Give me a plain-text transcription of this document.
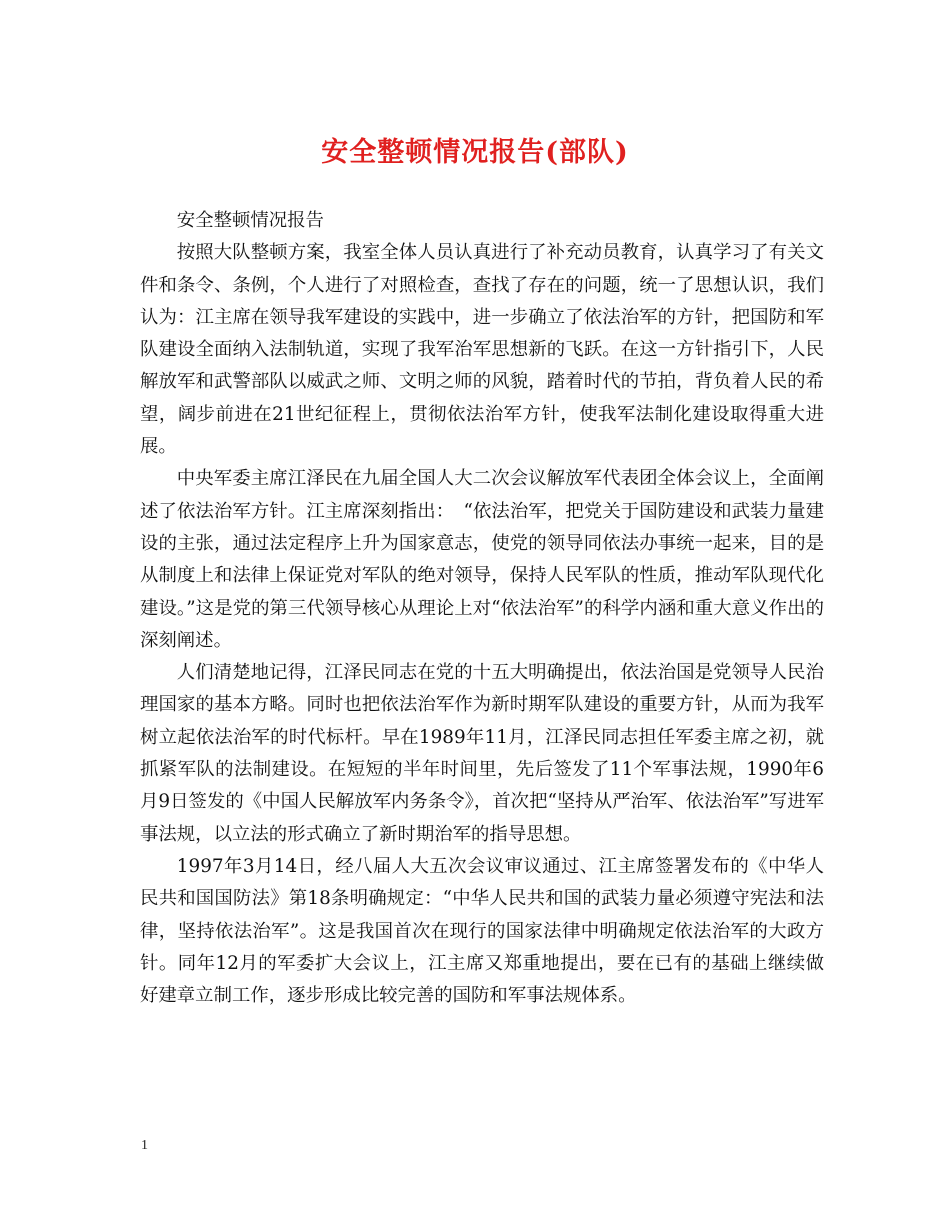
安全整顿情况报告(部队)

安全整顿情况报告

按照大队整顿方案，我室全体人员认真进行了补充动员教育，认真学习了有关文件和条令、条例，个人进行了对照检查，查找了存在的问题，统一了思想认识，我们认为：江主席在领导我军建设的实践中，进一步确立了依法治军的方针，把国防和军队建设全面纳入法制轨道，实现了我军治军思想新的飞跃。在这一方针指引下，人民解放军和武警部队以威武之师、文明之师的风貌，踏着时代的节拍，背负着人民的希望，阔步前进在21世纪征程上，贯彻依法治军方针，使我军法制化建设取得重大进展。

中央军委主席江泽民在九届全国人大二次会议解放军代表团全体会议上，全面阐述了依法治军方针。江主席深刻指出：　“依法治军，把党关于国防建设和武装力量建设的主张，通过法定程序上升为国家意志，使党的领导同依法办事统一起来，目的是从制度上和法律上保证党对军队的绝对领导，保持人民军队的性质，推动军队现代化建设。”这是党的第三代领导核心从理论上对“依法治军”的科学内涵和重大意义作出的深刻阐述。

人们清楚地记得，江泽民同志在党的十五大明确提出，依法治国是党领导人民治理国家的基本方略。同时也把依法治军作为新时期军队建设的重要方针，从而为我军树立起依法治军的时代标杆。早在1989年11月，江泽民同志担任军委主席之初，就抓紧军队的法制建设。在短短的半年时间里，先后签发了11个军事法规，1990年6月9日签发的《中国人民解放军内务条令》，首次把“坚持从严治军、依法治军”写进军事法规，以立法的形式确立了新时期治军的指导思想。

1997年3月14日，经八届人大五次会议审议通过、江主席签署发布的《中华人民共和国国防法》第18条明确规定：“中华人民共和国的武装力量必须遵守宪法和法律，坚持依法治军”。这是我国首次在现行的国家法律中明确规定依法治军的大政方针。同年12月的军委扩大会议上，江主席又郑重地提出，要在已有的基础上继续做好建章立制工作，逐步形成比较完善的国防和军事法规体系。

1
